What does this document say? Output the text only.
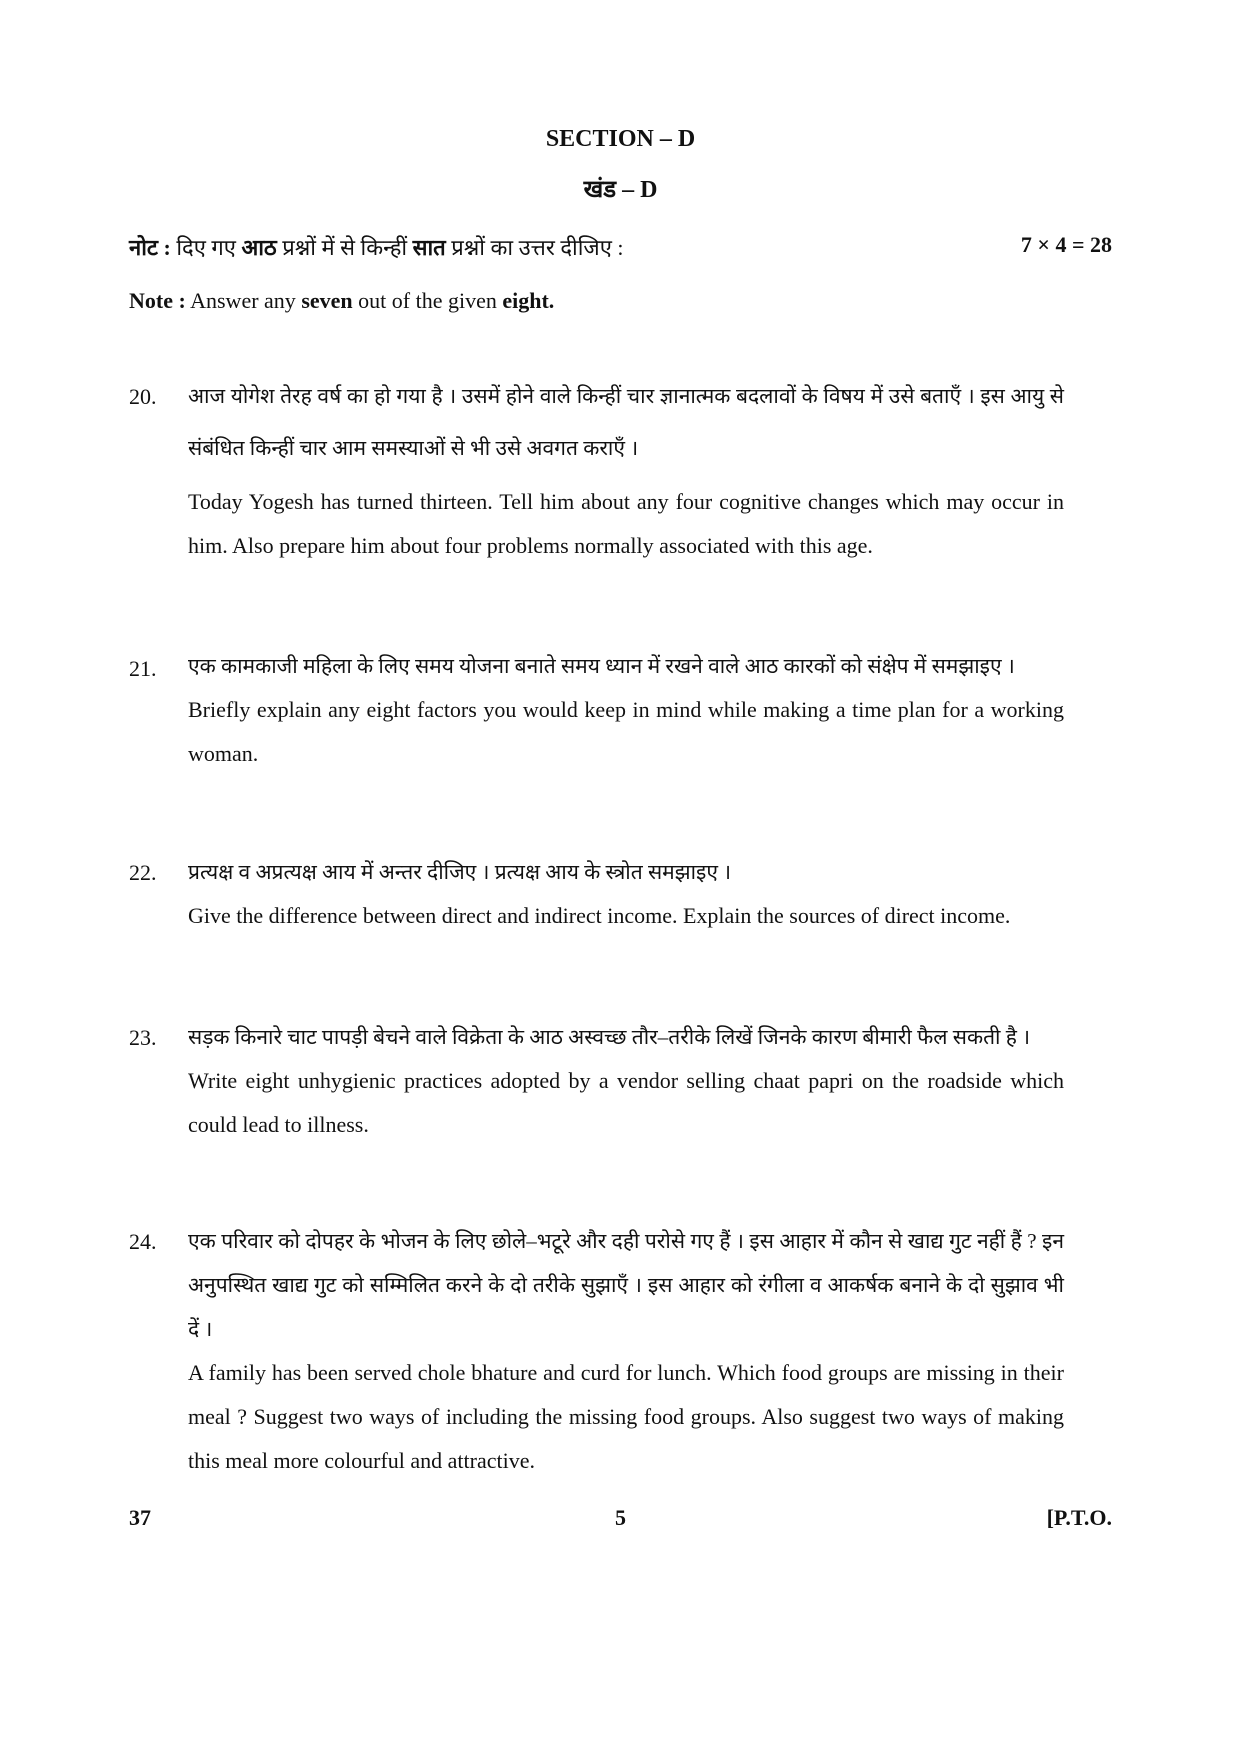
SECTION – D
खंड – D
नोट : दिए गए आठ प्रश्नों में से किन्हीं सात प्रश्नों का उत्तर दीजिए :	7 × 4 = 28
Note : Answer any seven out of the given eight.
20. आज योगेश तेरह वर्ष का हो गया है । उसमें होने वाले किन्हीं चार ज्ञानात्मक बदलावों के विषय में उसे बताएँ । इस आयु से संबंधित किन्हीं चार आम समस्याओं से भी उसे अवगत कराएँ ।

Today Yogesh has turned thirteen. Tell him about any four cognitive changes which may occur in him. Also prepare him about four problems normally associated with this age.

21. एक कामकाजी महिला के लिए समय योजना बनाते समय ध्यान में रखने वाले आठ कारकों को संक्षेप में समझाइए ।

Briefly explain any eight factors you would keep in mind while making a time plan for a working woman.

22. प्रत्यक्ष व अप्रत्यक्ष आय में अन्तर दीजिए । प्रत्यक्ष आय के स्त्रोत समझाइए ।

Give the difference between direct and indirect income. Explain the sources of direct income.

23. सड़क किनारे चाट पापड़ी बेचने वाले विक्रेता के आठ अस्वच्छ तौर–तरीके लिखें जिनके कारण बीमारी फैल सकती है ।

Write eight unhygienic practices adopted by a vendor selling chaat papri on the roadside which could lead to illness.

24. एक परिवार को दोपहर के भोजन के लिए छोले–भटूरे और दही परोसे गए हैं । इस आहार में कौन से खाद्य गुट नहीं हैं ? इन अनुपस्थित खाद्य गुट को सम्मिलित करने के दो तरीके सुझाएँ । इस आहार को रंगीला व आकर्षक बनाने के दो सुझाव भी दें ।

A family has been served chole bhature and curd for lunch. Which food groups are missing in their meal ? Suggest two ways of including the missing food groups. Also suggest two ways of making this meal more colourful and attractive.

37	5	[P.T.O.
